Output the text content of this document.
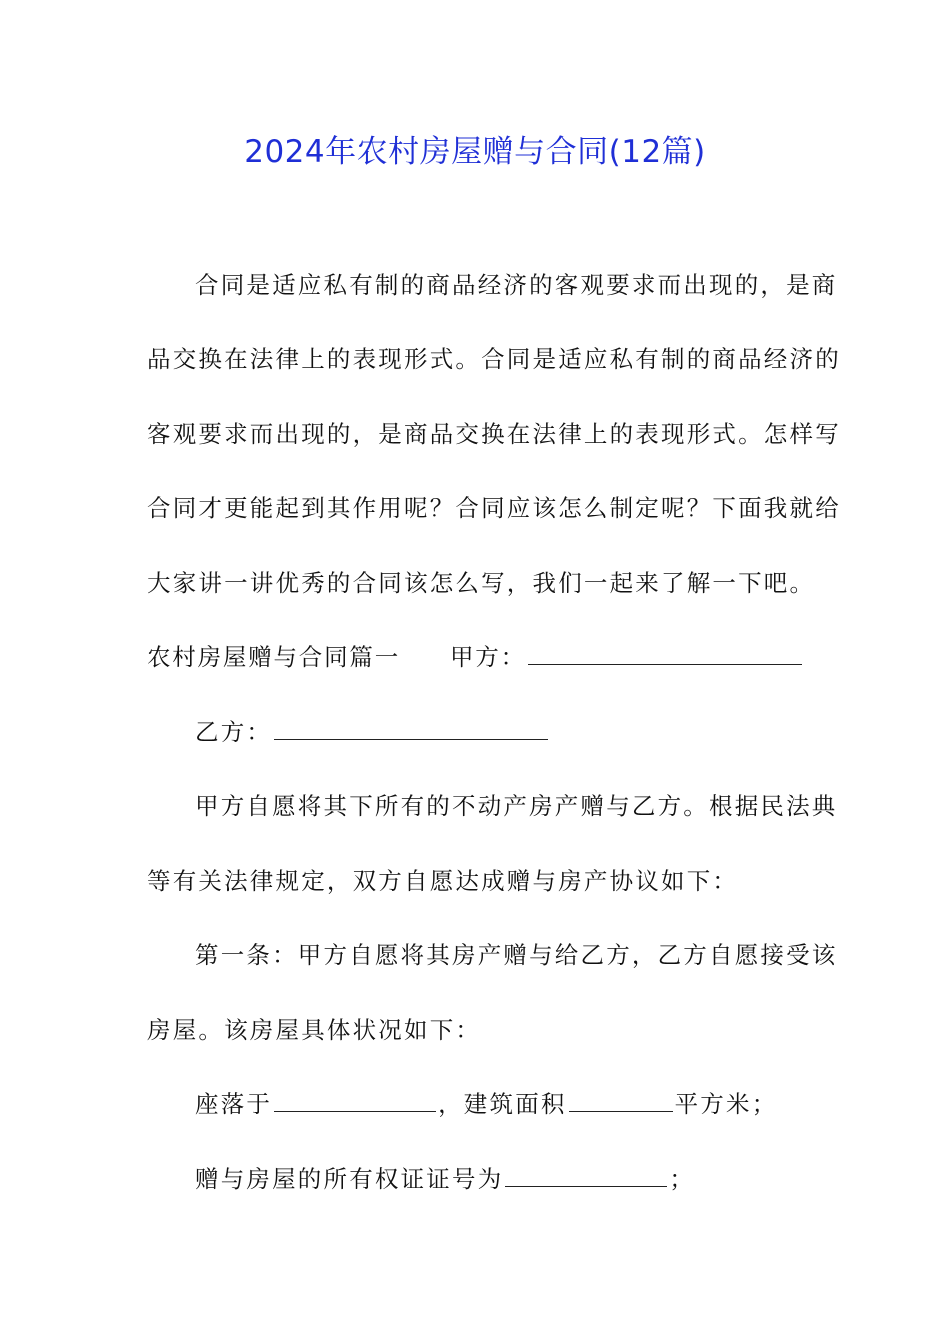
2024年农村房屋赠与合同(12篇)
合同是适应私有制的商品经济的客观要求而出现的，是商
品交换在法律上的表现形式。合同是适应私有制的商品经济的
客观要求而出现的，是商品交换在法律上的表现形式。怎样写
合同才更能起到其作用呢？合同应该怎么制定呢？下面我就给
大家讲一讲优秀的合同该怎么写，我们一起来了解一下吧。
农村房屋赠与合同篇一 甲方：
乙方：
甲方自愿将其下所有的不动产房产赠与乙方。根据民法典
等有关法律规定，双方自愿达成赠与房产协议如下：
第一条：甲方自愿将其房产赠与给乙方，乙方自愿接受该
房屋。该房屋具体状况如下：
座落于	，建筑面积	平方米；
赠与房屋的所有权证证号为	；
